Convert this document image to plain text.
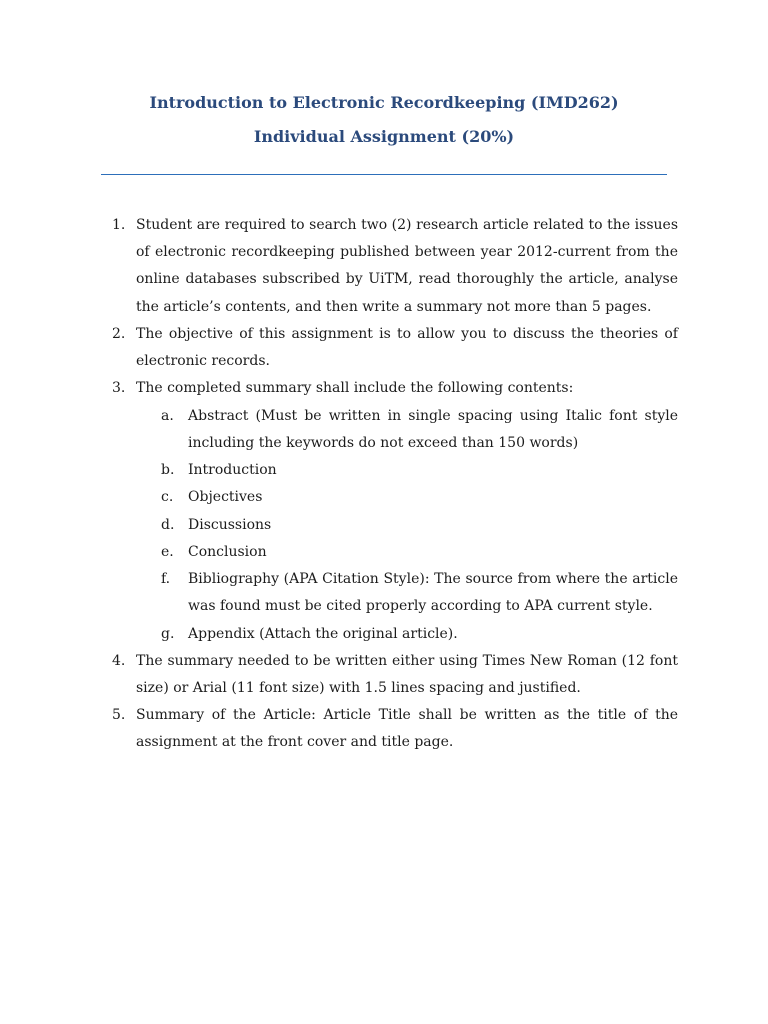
Introduction to Electronic Recordkeeping (IMD262)
Individual Assignment (20%)
1. Student are required to search two (2) research article related to the issues of electronic recordkeeping published between year 2012-current from the online databases subscribed by UiTM, read thoroughly the article, analyse the article’s contents, and then write a summary not more than 5 pages.
2. The objective of this assignment is to allow you to discuss the theories of electronic records.
3. The completed summary shall include the following contents:
a.	Abstract (Must be written in single spacing using Italic font style including the keywords do not exceed than 150 words)
b. Introduction
c.	Objectives
d. Discussions
e.	Conclusion
f.	Bibliography (APA Citation Style): The source from where the article was found must be cited properly according to APA current style.
g. Appendix (Attach the original article).
4. The summary needed to be written either using Times New Roman (12 font size) or Arial (11 font size) with 1.5 lines spacing and justified.
5. Summary of the Article: Article Title shall be written as the title of the assignment at the front cover and title page.
